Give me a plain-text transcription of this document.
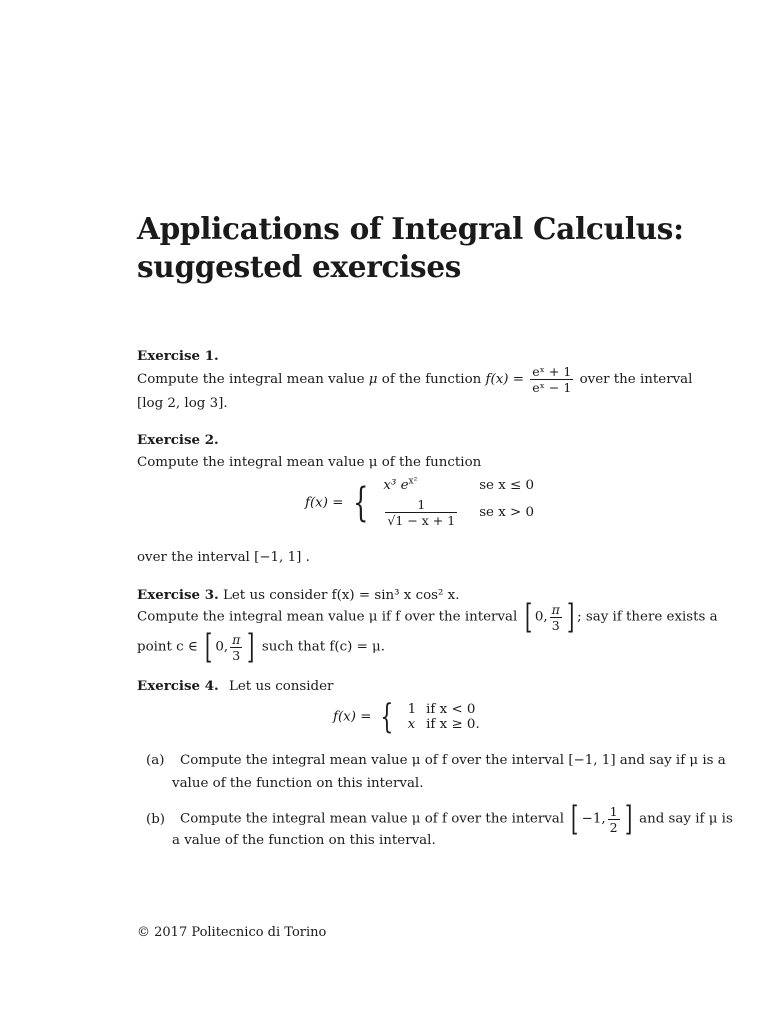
Applications of Integral Calculus:
suggested exercises
Exercise 1.
Compute the integral mean value μ of the function $f(x) = \frac{\text{eˣ + 1}}{\text{eˣ − 1}}$ over the interval
[log 2, log 3].
Exercise 2.
Compute the integral mean value μ of the function
f(x) = { x³ $e^{x^2}$	se x ≤ 0

$\frac{1}{√1 - x + 1}$	se x > 0
over the interval [−1, 1] .
Exercise 3. Let us consider f(x) = sin³ x cos² x.
Compute the integral mean value μ if f over the interval [ 0, $\frac{\pi}{3}$ ] ; say if there exists a
point c ∈ [ 0, $\frac{\pi}{3}$ ] such that f(c) = μ.
Exercise 4. Let us consider
f(x) = { 1	if x < 0
x	if x ≥ 0.
(a) Compute the integral mean value μ of f over the interval [−1, 1] and say if μ is a
value of the function on this interval.
(b) Compute the integral mean value μ of f over the interval [ −1, $\frac{1}{2}$ ] and say if μ is
a value of the function on this interval.
© 2017 Politecnico di Torino
